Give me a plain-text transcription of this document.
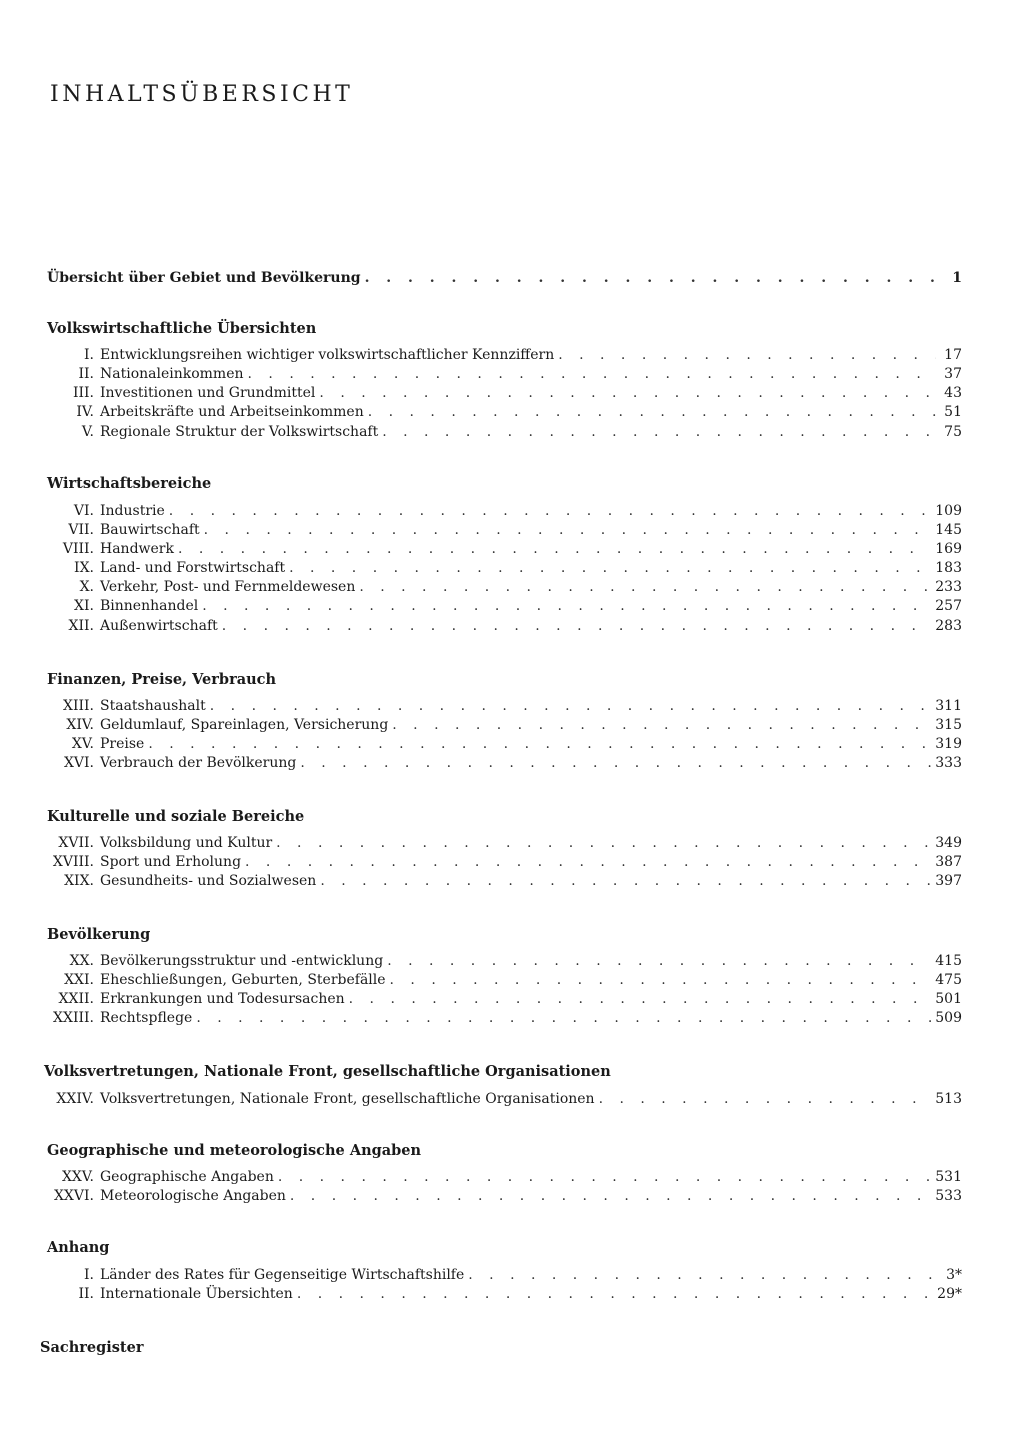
INHALTSÜBERSICHT
Übersicht über Gebiet und Bevölkerung . . .	1
Volkswirtschaftliche Übersichten
I. Entwicklungsreihen wichtiger volkswirtschaftlicher Kennziffern . . .	17
II. Nationaleinkommen . . .	37
III. Investitionen und Grundmittel . . .	43
IV. Arbeitskräfte und Arbeitseinkommen . . .	51
V. Regionale Struktur der Volkswirtschaft . . .	75
Wirtschaftsbereiche
VI. Industrie . . .	109
VII. Bauwirtschaft . . .	145
VIII. Handwerk . . .	169
IX. Land- und Forstwirtschaft . . .	183
X. Verkehr, Post- und Fernmeldewesen . . .	233
XI. Binnenhandel . . .	257
XII. Außenwirtschaft . . .	283
Finanzen, Preise, Verbrauch
XIII. Staatshaushalt . . .	311
XIV. Geldumlauf, Spareinlagen, Versicherung . . .	315
XV. Preise . . .	319
XVI. Verbrauch der Bevölkerung . . .	333
Kulturelle und soziale Bereiche
XVII. Volksbildung und Kultur . . .	349
XVIII. Sport und Erholung . . .	387
XIX. Gesundheits- und Sozialwesen . . .	397
Bevölkerung
XX. Bevölkerungsstruktur und -entwicklung . . .	415
XXI. Eheschließungen, Geburten, Sterbefälle . . .	475
XXII. Erkrankungen und Todesursachen . . .	501
XXIII. Rechtspflege . . .	509
Volksvertretungen, Nationale Front, gesellschaftliche Organisationen
XXIV. Volksvertretungen, Nationale Front, gesellschaftliche Organisationen . . .	513
Geographische und meteorologische Angaben
XXV. Geographische Angaben . . .	531
XXVI. Meteorologische Angaben . . .	533
Anhang
I. Länder des Rates für Gegenseitige Wirtschaftshilfe . . .	3*
II. Internationale Übersichten . . .	29*
Sachregister
